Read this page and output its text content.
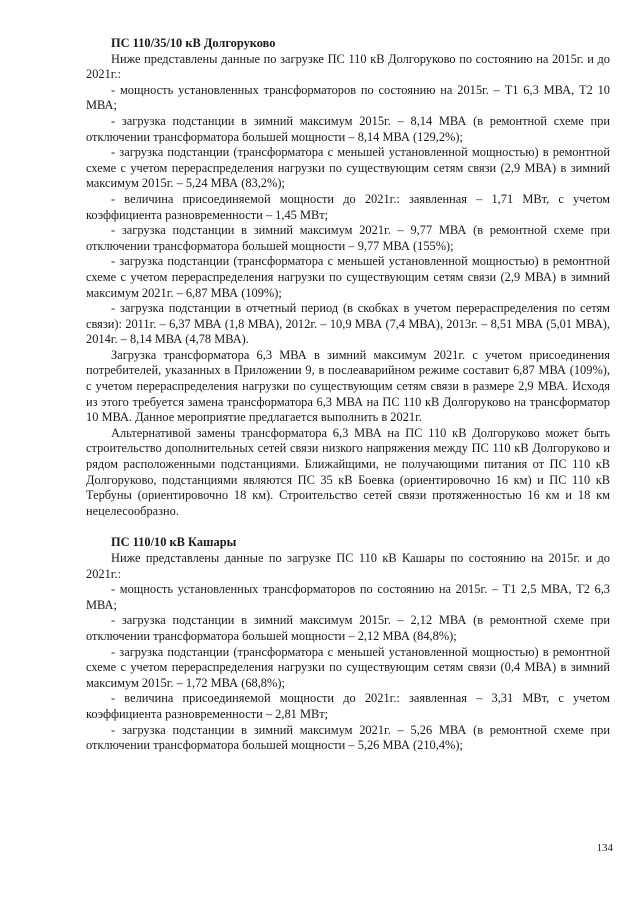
ПС 110/35/10 кВ Долгоруково

Ниже представлены данные по загрузке ПС 110 кВ Долгоруково по состоянию на 2015г. и до 2021г.:

- мощность установленных трансформаторов по состоянию на 2015г. – Т1 6,3 МВА, Т2 10 МВА;

- загрузка подстанции в зимний максимум 2015г. – 8,14 МВА (в ремонтной схеме при отключении трансформатора большей мощности – 8,14 МВА (129,2%);

- загрузка подстанции (трансформатора с меньшей установленной мощностью) в ремонтной схеме с учетом перераспределения нагрузки по существующим сетям связи (2,9 МВА) в зимний максимум 2015г. – 5,24 МВА (83,2%);

- величина присоединяемой мощности до 2021г.: заявленная – 1,71 МВт, с учетом коэффициента разновременности – 1,45 МВт;

- загрузка подстанции в зимний максимум 2021г. – 9,77 МВА (в ремонтной схеме при отключении трансформатора большей мощности – 9,77 МВА (155%);

- загрузка подстанции (трансформатора с меньшей установленной мощностью) в ремонтной схеме с учетом перераспределения нагрузки по существующим сетям связи (2,9 МВА) в зимний максимум 2021г. – 6,87 МВА (109%);

- загрузка подстанции в отчетный период (в скобках в учетом перераспределения по сетям связи): 2011г. – 6,37 МВА (1,8 МВА), 2012г. – 10,9 МВА (7,4 МВА), 2013г. – 8,51 МВА (5,01 МВА), 2014г. – 8,14 МВА (4,78 МВА).

Загрузка трансформатора 6,3 МВА в зимний максимум 2021г. с учетом присоединения потребителей, указанных в Приложении 9, в послеаварийном режиме составит 6,87 МВА (109%), с учетом перераспределения нагрузки по существующим сетям связи в размере 2,9 МВА. Исходя из этого требуется замена трансформатора 6,3 МВА на ПС 110 кВ Долгоруково на трансформатор 10 МВА. Данное мероприятие предлагается выполнить в 2021г.

Альтернативой замены трансформатора 6,3 МВА на ПС 110 кВ Долгоруково может быть строительство дополнительных сетей связи низкого напряжения между ПС 110 кВ Долгоруково и рядом расположенными подстанциями. Ближайщими, не получающими питания от ПС 110 кВ Долгоруково, подстанциями являются ПС 35 кВ Боевка (ориентировочно 16 км) и ПС 110 кВ Тербуны (ориентировочно 18 км). Строительство сетей связи протяженностью 16 км и 18 км нецелесообразно.

ПС 110/10 кВ Кашары

Ниже представлены данные по загрузке ПС 110 кВ Кашары по состоянию на 2015г. и до 2021г.:

- мощность установленных трансформаторов по состоянию на 2015г. – Т1 2,5 МВА, Т2 6,3 МВА;

- загрузка подстанции в зимний максимум 2015г. – 2,12 МВА (в ремонтной схеме при отключении трансформатора большей мощности – 2,12 МВА (84,8%);

- загрузка подстанции (трансформатора с меньшей установленной мощностью) в ремонтной схеме с учетом перераспределения нагрузки по существующим сетям связи (0,4 МВА) в зимний максимум 2015г. – 1,72 МВА (68,8%);

- величина присоединяемой мощности до 2021г.: заявленная – 3,31 МВт, с учетом коэффициента разновременности – 2,81 МВт;

- загрузка подстанции в зимний максимум 2021г. – 5,26 МВА (в ремонтной схеме при отключении трансформатора большей мощности – 5,26 МВА (210,4%);

134
